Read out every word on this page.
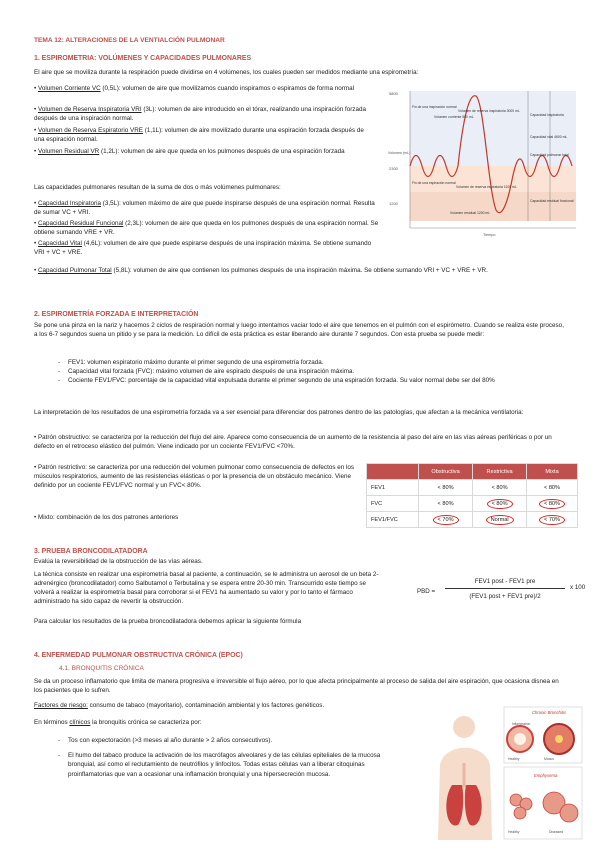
TEMA 12: ALTERACIONES DE LA VENTIALCIÓN PULMONAR

1. ESPIROMETRIA: VOLÚMENES Y CAPACIDADES PULMONARES

El aire que se moviliza durante la respiración puede dividirse en 4 volúmenes, los cuales pueden ser medidos mediante una espirometría:

• Volumen Corriente VC (0,5L): volumen de aire que movilizamos cuando inspiramos o espiramos de forma normal
• Volumen de Reserva Inspiratoria VRI (3L): volumen de aire introducido en el tórax, realizando una inspiración forzada después de una inspiración normal.
• Volumen de Reserva Espiratorio VRE (1,1L): volumen de aire movilizado durante una espiración forzada después de una espiración normal.
• Volumen Residual VR (1,2L): volumen de aire que queda en los pulmones después de una espiración forzada

Las capacidades pulmonares resultan de la suma de dos o más volúmenes pulmonares:

• Capacidad Inspiratoria (3,5L): volumen máximo de aire que puede inspirarse después de una espiración normal. Resulta de sumar VC + VRI.
• Capacidad Residual Funcional (2,3L): volumen de aire que queda en los pulmones después de una espiración normal. Se obtiene sumando VRE + VR.
• Capacidad Vital (4,6L): volumen de aire que puede espirarse después de una inspiración máxima. Se obtiene sumando VRI + VC + VRE.
• Capacidad Pulmonar Total (5,8L): volumen de aire que contienen los pulmones después de una inspiración máxima. Se obtiene sumando VRI + VC + VRE + VR.
5800
2300
1200
Volumen (mL)
Tiempo
Fin de una inspiración normal
Volumen corriente 500 mL
Volumen de reserva inspiratoria 3000 mL
Fin de una espiración normal
Volumen de reserva espiratoria 1100 mL
Volumen residual 1200 mL
Capacidad inspiratoria
Capacidad vital 4600 mL
Capacidad pulmonar total
Capacidad residual funcional

2. ESPIROMETRÍA FORZADA E INTERPRETACIÓN

Se pone una pinza en la nariz y hacemos 2 ciclos de respiración normal y luego intentamos vaciar todo el aire que tenemos en el pulmón con el espirómetro. Cuando se realiza este proceso, a los 6-7 segundos suena un pitido y se para la medición. Lo difícil de esta práctica es estar liberando aire durante 7 segundos. Con esta prueba se puede medir:

- FEV1: volumen espiratorio máximo durante el primer segundo de una espirometría forzada.
- Capacidad vital forzada (FVC): máximo volumen de aire espirado después de una inspiración máxima.
- Cociente FEV1/FVC: porcentaje de la capacidad vital expulsada durante el primer segundo de una espiración forzada. Su valor normal debe ser del 80%

La interpretación de los resultados de una espirometría forzada va a ser esencial para diferenciar dos patrones dentro de las patologías, que afectan a la mecánica ventilatoria:

• Patrón obstructivo: se caracteriza por la reducción del flujo del aire. Aparece como consecuencia de un aumento de la resistencia al paso del aire en las vías aéreas periféricas o por un defecto en el retroceso elástico del pulmón. Viene indicado por un cociente FEV1/FVC <70%.

• Patrón restrictivo: se caracteriza por una reducción del volumen pulmonar como consecuencia de defectos en los músculos respiratorios, aumento de las resistencias elásticas o por la presencia de un obstáculo mecánico. Viene definido por un cociente FEV1/FVC normal y un FVC< 80%.

• Mixto: combinación de los dos patrones anteriores

	Obstructiva	Restrictiva	Mixta
FEV1	< 80%	< 80%	< 80%
FVC	< 80%	< 80%	< 80%
FEV1/FVC	< 70%	Normal	< 70%

3. PRUEBA BRONCODILATADORA

Evalúa la reversibilidad de la obstrucción de las vías aéreas.

La técnica consiste en realizar una espirometría basal al paciente, a continuación, se le administra un aerosol de un beta 2-adrenérgico (broncodilatador) como Salbutamol o Terbutalina y se espera entre 20-30 min. Transcurrido este tiempo se volverá a realizar la espirometría basal para corroborar si el FEV1 ha aumentado su valor y por lo tanto el fármaco administrado ha sido capaz de revertir la obstrucción.

Para calcular los resultados de la prueba broncodilatadora debemos aplicar la siguiente fórmula

PBD =
FEV1 post - FEV1 pre
(FEV1 post + FEV1 pre)/2
x 100

4. ENFERMEDAD PULMONAR OBSTRUCTIVA CRÓNICA (EPOC)

4.1. BRONQUITIS CRÓNICA

Se da un proceso inflamatorio que limita de manera progresiva e irreversible el flujo aéreo, por lo que afecta principalmente al proceso de salida del aire espiración, que ocasiona disnea en los pacientes que lo sufren.

Factores de riesgo: consumo de tabaco (mayoritario), contaminación ambiental y los factores genéticos.

En términos clínicos la bronquitis crónica se caracteriza por:

- Tos con expectoración (>3 meses al año durante > 2 años consecutivos).
- El humo del tabaco produce la activación de los macrófagos alveolares y de las células epiteliales de la mucosa bronquial, así como el reclutamiento de neutrófilos y linfocitos. Todas estas células van a liberar citoquinas proinflamatorias que van a ocasionar una inflamación bronquial y una hipersecreción mucosa.
Chronic Bronchitis
Healthy	Mucus
Emphysema
Healthy	Diseased
Inflammation
